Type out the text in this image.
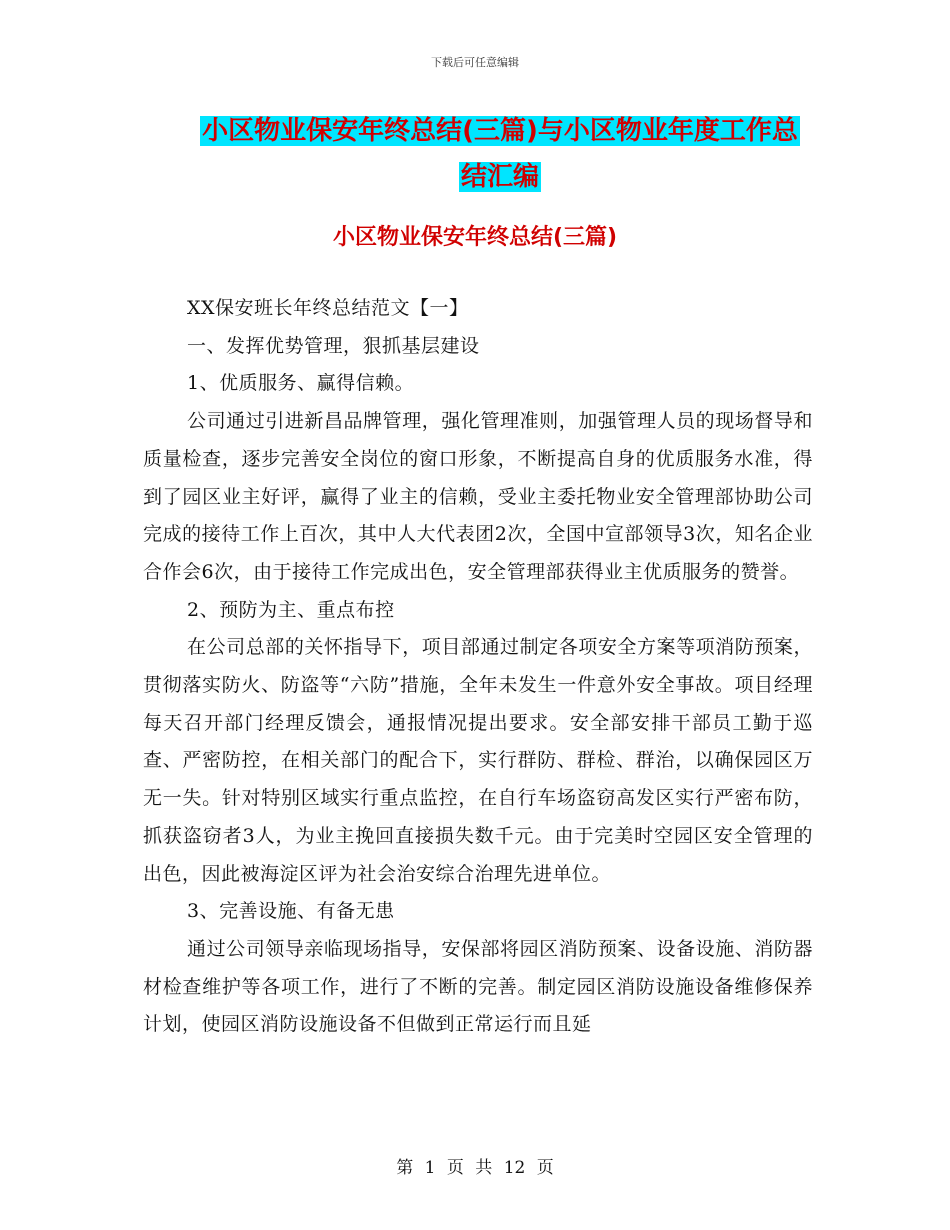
下载后可任意编辑
小区物业保安年终总结(三篇)与小区物业年度工作总
结汇编
小区物业保安年终总结(三篇)

XX保安班长年终总结范文【一】

一、发挥优势管理，狠抓基层建设

1、优质服务、赢得信赖。

公司通过引进新昌品牌管理，强化管理准则，加强管理人员的现场督导和质量检查，逐步完善安全岗位的窗口形象，不断提高自身的优质服务水准，得到了园区业主好评，赢得了业主的信赖，受业主委托物业安全管理部协助公司完成的接待工作上百次，其中人大代表团2次，全国中宣部领导3次，知名企业合作会6次，由于接待工作完成出色，安全管理部获得业主优质服务的赞誉。

2、预防为主、重点布控

在公司总部的关怀指导下，项目部通过制定各项安全方案等项消防预案，贯彻落实防火、防盗等“六防”措施，全年未发生一件意外安全事故。项目经理每天召开部门经理反馈会，通报情况提出要求。安全部安排干部员工勤于巡查、严密防控，在相关部门的配合下，实行群防、群检、群治，以确保园区万无一失。针对特别区域实行重点监控，在自行车场盗窃高发区实行严密布防，抓获盗窃者3人，为业主挽回直接损失数千元。由于完美时空园区安全管理的出色，因此被海淀区评为社会治安综合治理先进单位。

3、完善设施、有备无患

通过公司领导亲临现场指导，安保部将园区消防预案、设备设施、消防器材检查维护等各项工作，进行了不断的完善。制定园区消防设施设备维修保养计划，使园区消防设施设备不但做到正常运行而且延

第 1 页 共 12 页
